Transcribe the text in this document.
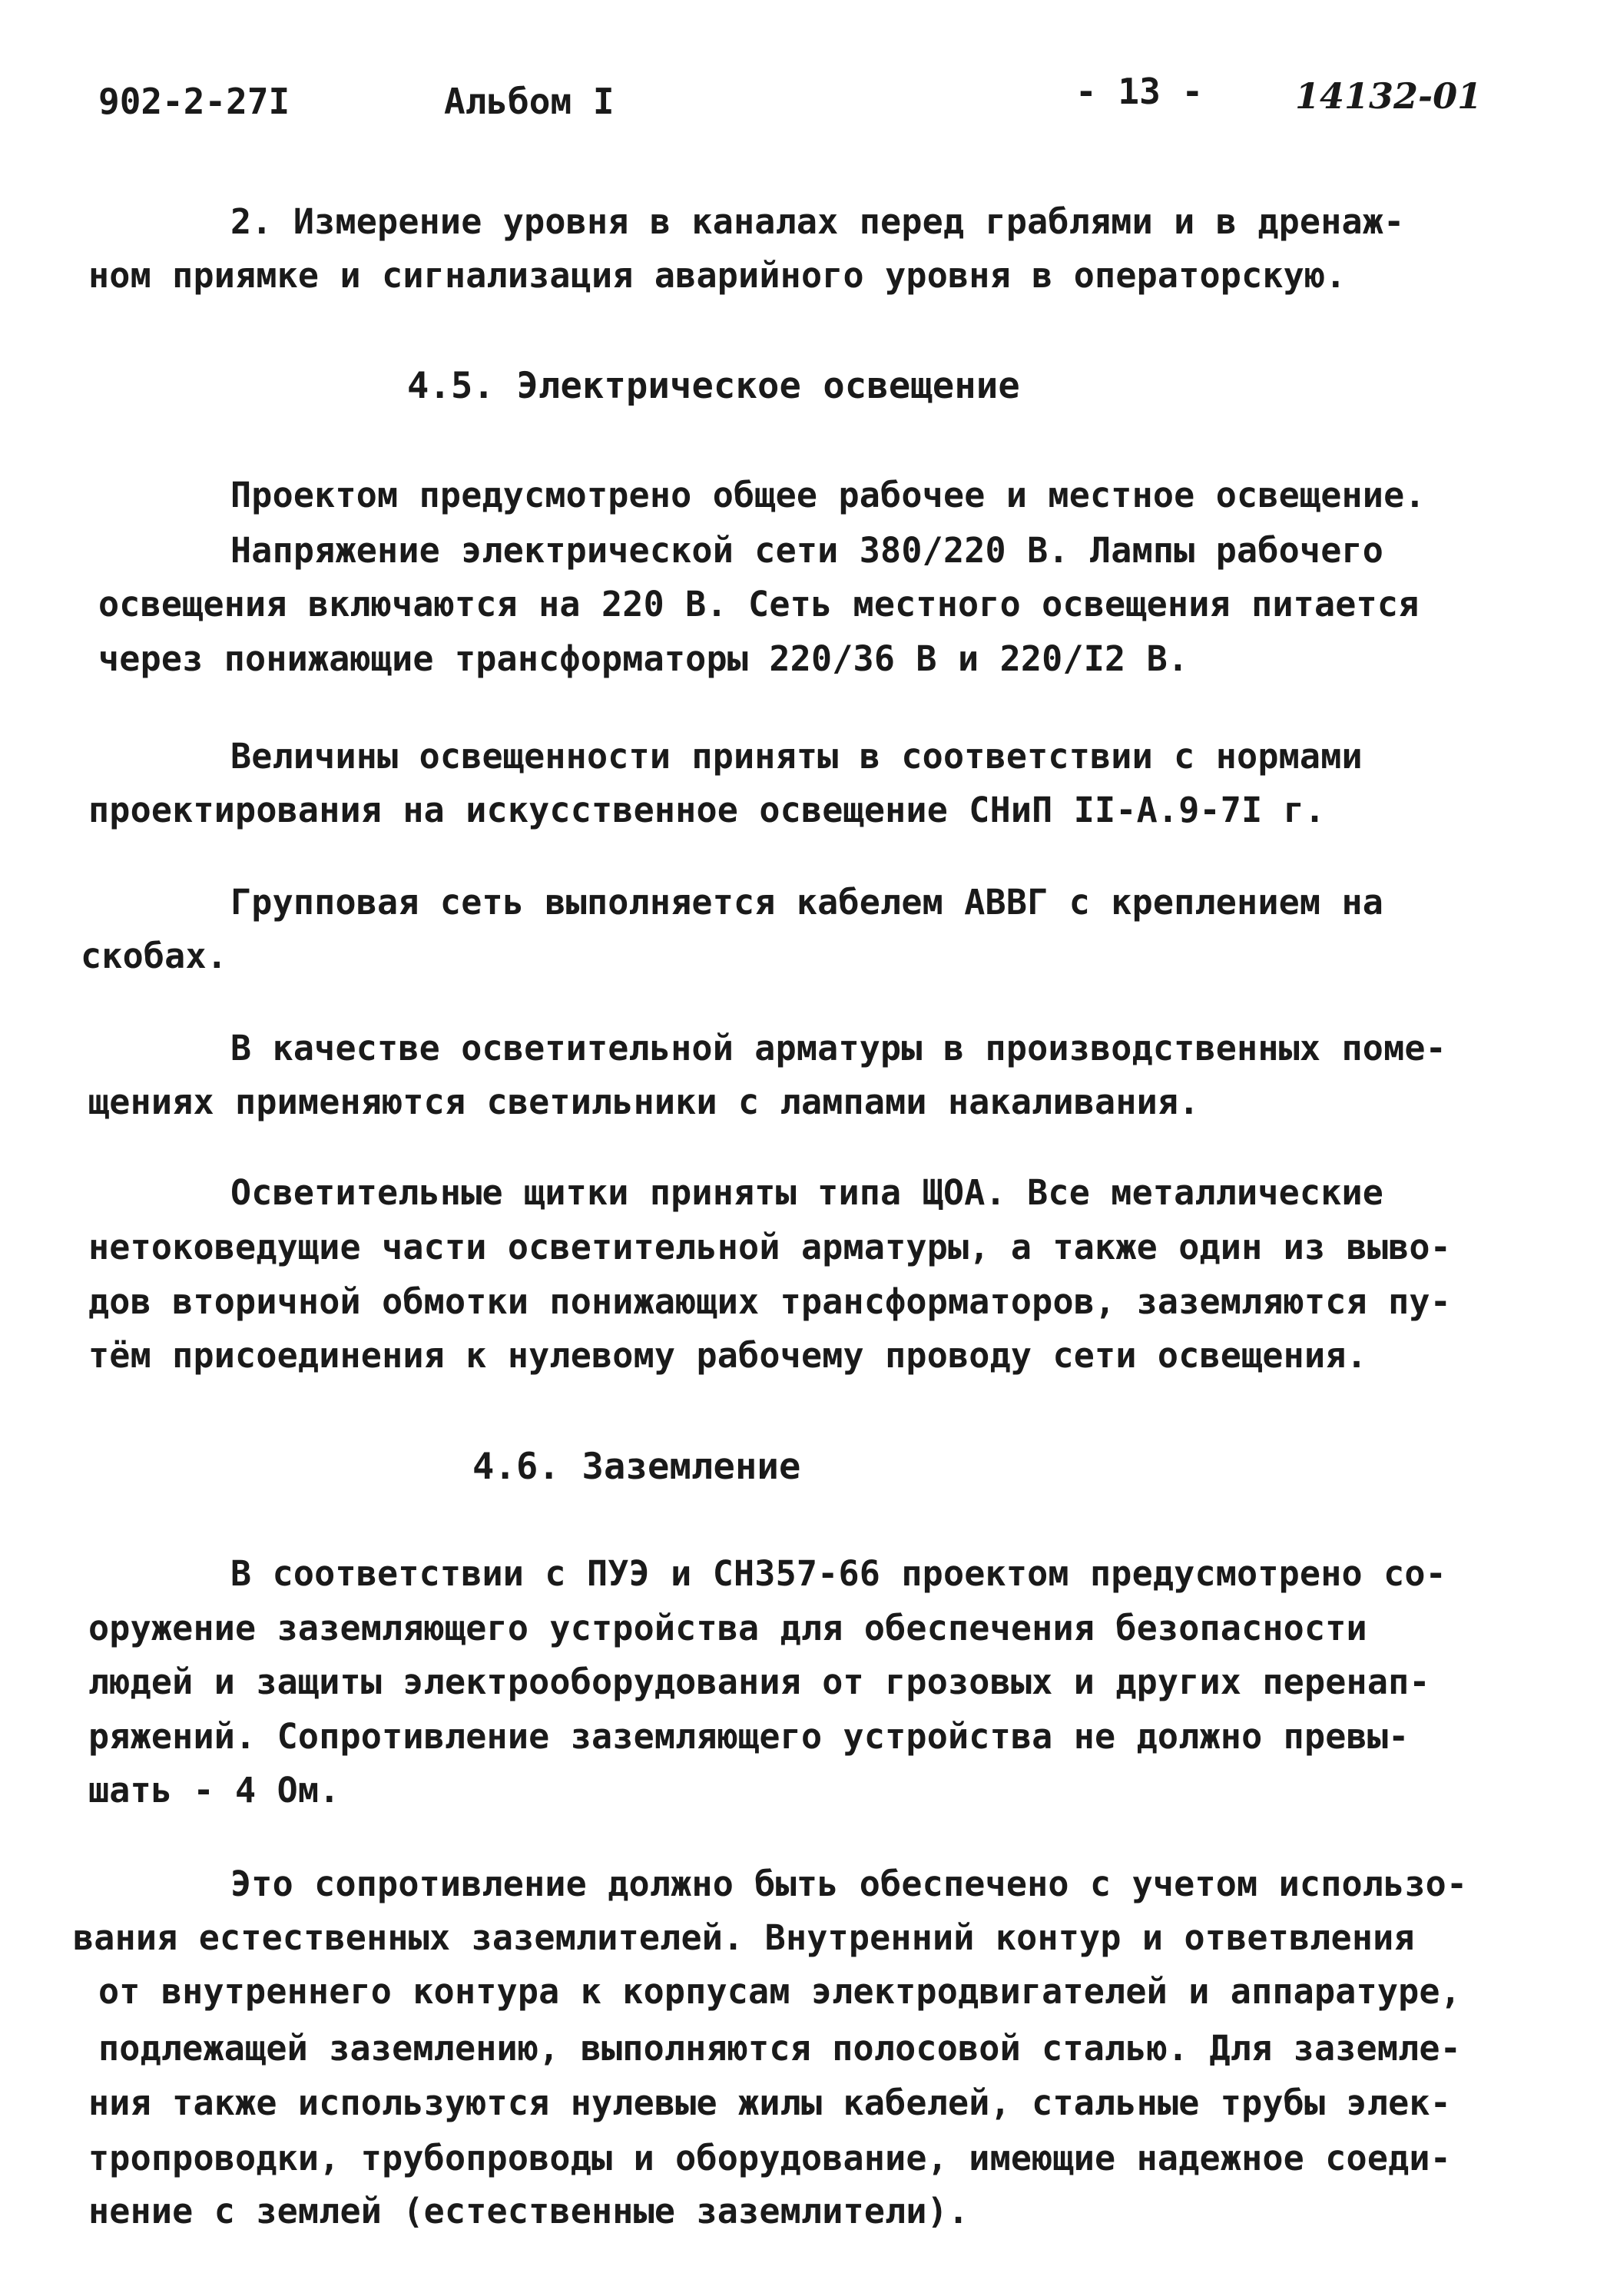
902-2-27I	Альбом I	- 13 -	14132-01
2. Измерение уровня в каналах перед граблями и в дренаж-
ном приямке и сигнализация аварийного уровня в операторскую.
4.5. Электрическое освещение
Проектом предусмотрено общее рабочее и местное освещение.
Напряжение электрической сети 380/220 В. Лампы рабочего
освещения включаются на 220 В. Сеть местного освещения питается
через понижающие трансформаторы 220/36 В и 220/I2 В.
Величины освещенности приняты в соответствии с нормами
проектирования на искусственное освещение СНиП II-А.9-7I г.
Групповая сеть выполняется кабелем АВВГ с креплением на
скобах.
В качестве осветительной арматуры в производственных поме-
щениях применяются светильники с лампами накаливания.
Осветительные щитки приняты типа ЩОА. Все металлические
нетоковедущие части осветительной арматуры, а также один из выво-
дов вторичной обмотки понижающих трансформаторов, заземляются пу-
тём присоединения к нулевому рабочему проводу сети освещения.
4.6. Заземление
В соответствии с ПУЭ и СН357-66 проектом предусмотрено со-
оружение заземляющего устройства для обеспечения безопасности
людей и защиты электрооборудования от грозовых и других перенап-
ряжений. Сопротивление заземляющего устройства не должно превы-
шать - 4 Ом.
Это сопротивление должно быть обеспечено с учетом использо-
вания естественных заземлителей. Внутренний контур и ответвления
от внутреннего контура к корпусам электродвигателей и аппаратуре,
подлежащей заземлению, выполняются полосовой сталью. Для заземле-
ния также используются нулевые жилы кабелей, стальные трубы элек-
тропроводки, трубопроводы и оборудование, имеющие надежное соеди-
нение с землей (естественные заземлители).
